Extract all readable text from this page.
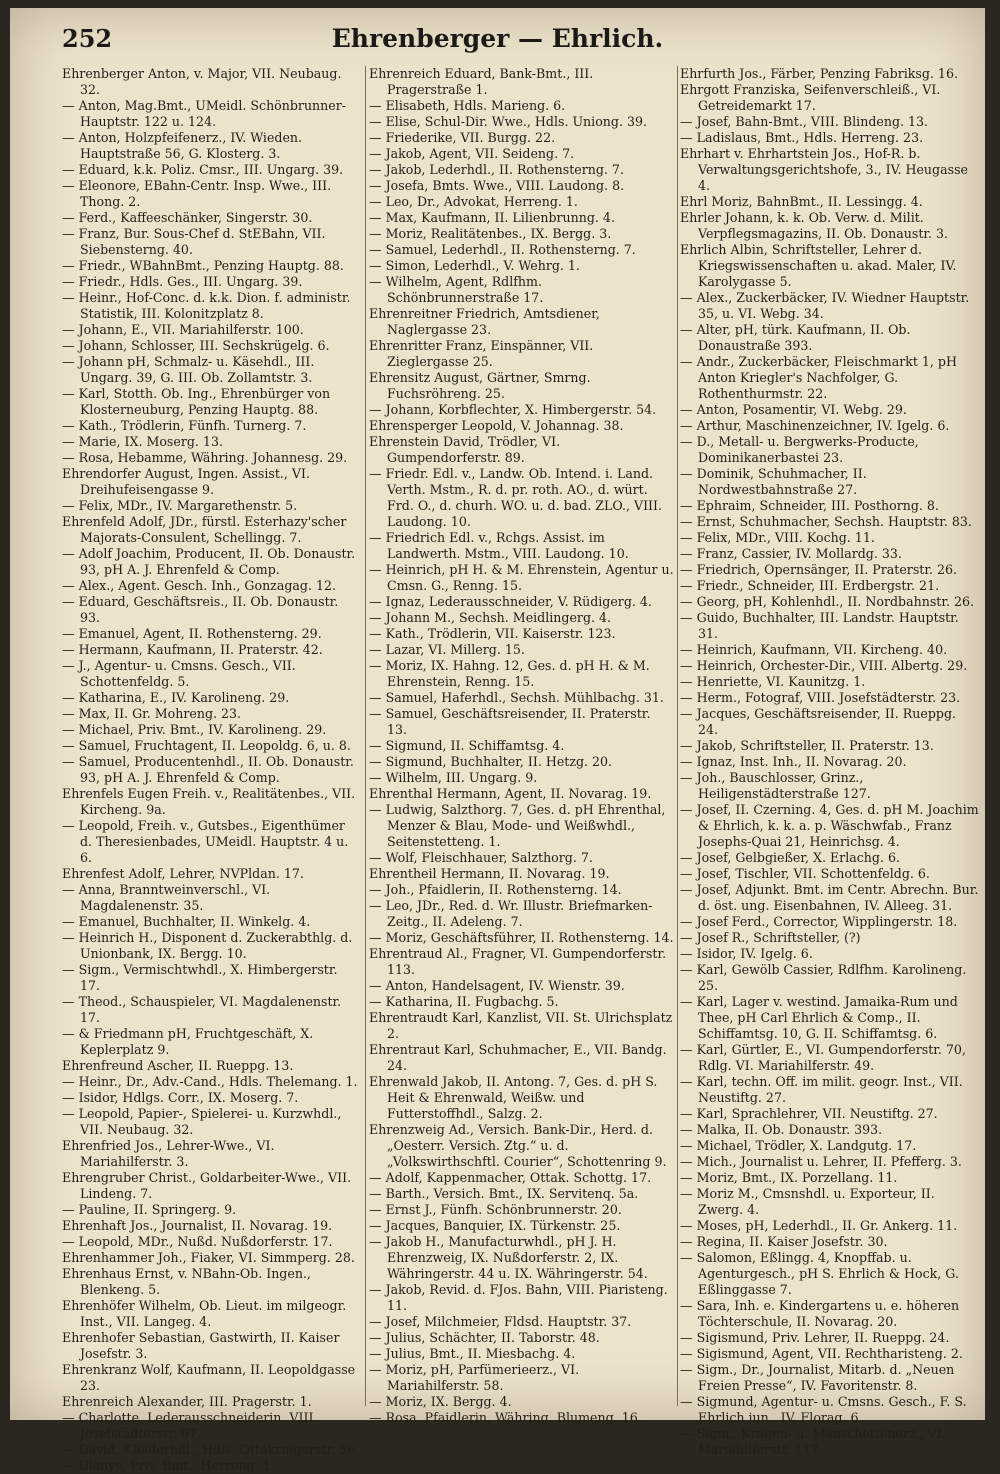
252	Ehrenberger — Ehrlich.

Ehrenberger Anton, v. Major, VII. Neubaug. 32.

— Anton, Mag.Bmt., UMeidl. Schönbrunner-Hauptstr. 122 u. 124.

— Anton, Holzpfeifenerz., IV. Wieden. Hauptstraße 56, G. Klosterg. 3.

— Eduard, k.k. Poliz. Cmsr., III. Ungarg. 39.

— Eleonore, EBahn-Centr. Insp. Wwe., III. Thong. 2.

— Ferd., Kaffeeschänker, Singerstr. 30.

— Franz, Bur. Sous-Chef d. StEBahn, VII. Siebensterng. 40.

— Friedr., WBahnBmt., Penzing Hauptg. 88.

— Friedr., Hdls. Ges., III. Ungarg. 39.

— Heinr., Hof-Conc. d. k.k. Dion. f. administr. Statistik, III. Kolonitzplatz 8.

— Johann, E., VII. Mariahilferstr. 100.

— Johann, Schlosser, III. Sechskrügelg. 6.

— Johann pH, Schmalz- u. Käsehdl., III. Ungarg. 39, G. III. Ob. Zollamtstr. 3.

— Karl, Stotth. Ob. Ing., Ehrenbürger von Klosterneuburg, Penzing Hauptg. 88.

— Kath., Trödlerin, Fünfh. Turnerg. 7.

— Marie, IX. Moserg. 13.

— Rosa, Hebamme, Währing. Johannesg. 29.

Ehrendorfer August, Ingen. Assist., VI. Dreihufeisengasse 9.

— Felix, MDr., IV. Margarethenstr. 5.

Ehrenfeld Adolf, JDr., fürstl. Esterhazy'scher Majorats-Consulent, Schellingg. 7.

— Adolf Joachim, Producent, II. Ob. Donaustr. 93, pH A. J. Ehrenfeld & Comp.

— Alex., Agent. Gesch. Inh., Gonzagag. 12.

— Eduard, Geschäftsreis., II. Ob. Donaustr. 93.

— Emanuel, Agent, II. Rothensterng. 29.

— Hermann, Kaufmann, II. Praterstr. 42.

— J., Agentur- u. Cmsns. Gesch., VII. Schottenfeldg. 5.

— Katharina, E., IV. Karolineng. 29.

— Max, II. Gr. Mohreng. 23.

— Michael, Priv. Bmt., IV. Karolineng. 29.

— Samuel, Fruchtagent, II. Leopoldg. 6, u. 8.

— Samuel, Producentenhdl., II. Ob. Donaustr. 93, pH A. J. Ehrenfeld & Comp.

Ehrenfels Eugen Freih. v., Realitätenbes., VII. Kircheng. 9a.

— Leopold, Freih. v., Gutsbes., Eigenthümer d. Theresienbades, UMeidl. Hauptstr. 4 u. 6.

Ehrenfest Adolf, Lehrer, NVPldan. 17.

— Anna, Branntweinverschl., VI. Magdalenenstr. 35.

— Emanuel, Buchhalter, II. Winkelg. 4.

— Heinrich H., Disponent d. Zuckerabthlg. d. Unionbank, IX. Bergg. 10.

— Sigm., Vermischtwhdl., X. Himbergerstr. 17.

— Theod., Schauspieler, VI. Magdalenenstr. 17.

— & Friedmann pH, Fruchtgeschäft, X. Keplerplatz 9.

Ehrenfreund Ascher, II. Rueppg. 13.

— Heinr., Dr., Adv.-Cand., Hdls. Thelemang. 1.

— Isidor, Hdlgs. Corr., IX. Moserg. 7.

— Leopold, Papier-, Spielerei- u. Kurzwhdl., VII. Neubaug. 32.

Ehrenfried Jos., Lehrer-Wwe., VI. Mariahilferstr. 3.

Ehrengruber Christ., Goldarbeiter-Wwe., VII. Lindeng. 7.

— Pauline, II. Springerg. 9.

Ehrenhaft Jos., Journalist, II. Novarag. 19.

— Leopold, MDr., Nußd. Nußdorferstr. 17.

Ehrenhammer Joh., Fiaker, VI. Simmperg. 28.

Ehrenhaus Ernst, v. NBahn-Ob. Ingen., Blenkeng. 5.

Ehrenhöfer Wilhelm, Ob. Lieut. im milgeogr. Inst., VII. Langeg. 4.

Ehrenhofer Sebastian, Gastwirth, II. Kaiser Josefstr. 3.

Ehrenkranz Wolf, Kaufmann, II. Leopoldgasse 23.

Ehrenreich Alexander, III. Pragerstr. 1.

— Charlotte, Lederausschneiderin, VIII. Josefstädterstr. 67.

— David, Kleiderhdl., Hdls. Ottakringerstr. 56.

— Dionys, Priv. Bmt., Herreng. 1.

Ehrenreich Eduard, Bank-Bmt., III. Pragerstraße 1.

— Elisabeth, Hdls. Marieng. 6.

— Elise, Schul-Dir. Wwe., Hdls. Uniong. 39.

— Friederike, VII. Burgg. 22.

— Jakob, Agent, VII. Seideng. 7.

— Jakob, Lederhdl., II. Rothensterng. 7.

— Josefa, Bmts. Wwe., VIII. Laudong. 8.

— Leo, Dr., Advokat, Herreng. 1.

— Max, Kaufmann, II. Lilienbrunng. 4.

— Moriz, Realitätenbes., IX. Bergg. 3.

— Samuel, Lederhdl., II. Rothensterng. 7.

— Simon, Lederhdl., V. Wehrg. 1.

— Wilhelm, Agent, Rdlfhm. Schönbrunnerstraße 17.

Ehrenreitner Friedrich, Amtsdiener, Naglergasse 23.

Ehrenritter Franz, Einspänner, VII. Zieglergasse 25.

Ehrensitz August, Gärtner, Smrng. Fuchsröhreng. 25.

— Johann, Korbflechter, X. Himbergerstr. 54.

Ehrensperger Leopold, V. Johannag. 38.

Ehrenstein David, Trödler, VI. Gumpendorferstr. 89.

— Friedr. Edl. v., Landw. Ob. Intend. i. Land. Verth. Mstm., R. d. pr. roth. AO., d. würt. Frd. O., d. churh. WO. u. d. bad. ZLO., VIII. Laudong. 10.

— Friedrich Edl. v., Rchgs. Assist. im Landwerth. Mstm., VIII. Laudong. 10.

— Heinrich, pH H. & M. Ehrenstein, Agentur u. Cmsn. G., Renng. 15.

— Ignaz, Lederausschneider, V. Rüdigerg. 4.

— Johann M., Sechsh. Meidlingerg. 4.

— Kath., Trödlerin, VII. Kaiserstr. 123.

— Lazar, VI. Millerg. 15.

— Moriz, IX. Hahng. 12, Ges. d. pH H. & M. Ehrenstein, Renng. 15.

— Samuel, Haferhdl., Sechsh. Mühlbachg. 31.

— Samuel, Geschäftsreisender, II. Praterstr. 13.

— Sigmund, II. Schiffamtsg. 4.

— Sigmund, Buchhalter, II. Hetzg. 20.

— Wilhelm, III. Ungarg. 9.

Ehrenthal Hermann, Agent, II. Novarag. 19.

— Ludwig, Salzthorg. 7, Ges. d. pH Ehrenthal, Menzer & Blau, Mode- und Weißwhdl., Seitenstetteng. 1.

— Wolf, Fleischhauer, Salzthorg. 7.

Ehrentheil Hermann, II. Novarag. 19.

— Joh., Pfaidlerin, II. Rothensterng. 14.

— Leo, JDr., Red. d. Wr. Illustr. Briefmarken-Zeitg., II. Adeleng. 7.

— Moriz, Geschäftsführer, II. Rothensterng. 14.

Ehrentraud Al., Fragner, VI. Gumpendorferstr. 113.

— Anton, Handelsagent, IV. Wienstr. 39.

— Katharina, II. Fugbachg. 5.

Ehrentraudt Karl, Kanzlist, VII. St. Ulrichsplatz 2.

Ehrentraut Karl, Schuhmacher, E., VII. Bandg. 24.

Ehrenwald Jakob, II. Antong. 7, Ges. d. pH S. Heit & Ehrenwald, Weißw. und Futterstoffhdl., Salzg. 2.

Ehrenzweig Ad., Versich. Bank-Dir., Herd. d. „Oesterr. Versich. Ztg.“ u. d. „Volkswirthschftl. Courier“, Schottenring 9.

— Adolf, Kappenmacher, Ottak. Schottg. 17.

— Barth., Versich. Bmt., IX. Servitenq. 5a.

— Ernst J., Fünfh. Schönbrunnerstr. 20.

— Jacques, Banquier, IX. Türkenstr. 25.

— Jakob H., Manufacturwhdl., pH J. H. Ehrenzweig, IX. Nußdorferstr. 2, IX. Währingerstr. 44 u. IX. Währingerstr. 54.

— Jakob, Revid. d. FJos. Bahn, VIII. Piaristeng. 11.

— Josef, Milchmeier, Fldsd. Hauptstr. 37.

— Julius, Schächter, II. Taborstr. 48.

— Julius, Bmt., II. Miesbachg. 4.

— Moriz, pH, Parfümerieerz., VI. Mariahilferstr. 58.

— Moriz, IX. Bergg. 4.

— Rosa, Pfaidlerin, Währing. Blumeng. 16.

Ehrfurth Jos., Färber, Penzing Fabriksg. 16.

Ehrgott Franziska, Seifenverschleiß., VI. Getreidemarkt 17.

— Josef, Bahn-Bmt., VIII. Blindeng. 13.

— Ladislaus, Bmt., Hdls. Herreng. 23.

Ehrhart v. Ehrhartstein Jos., Hof-R. b. Verwaltungsgerichtshofe, 3., IV. Heugasse 4.

Ehrl Moriz, BahnBmt., II. Lessingg. 4.

Ehrler Johann, k. k. Ob. Verw. d. Milit. Verpflegsmagazins, II. Ob. Donaustr. 3.

Ehrlich Albin, Schriftsteller, Lehrer d. Kriegswissenschaften u. akad. Maler, IV. Karolygasse 5.

— Alex., Zuckerbäcker, IV. Wiedner Hauptstr. 35, u. VI. Webg. 34.

— Alter, pH, türk. Kaufmann, II. Ob. Donaustraße 393.

— Andr., Zuckerbäcker, Fleischmarkt 1, pH Anton Kriegler's Nachfolger, G. Rothenthurmstr. 22.

— Anton, Posamentir, VI. Webg. 29.

— Arthur, Maschinenzeichner, IV. Igelg. 6.

— D., Metall- u. Bergwerks-Producte, Dominikanerbastei 23.

— Dominik, Schuhmacher, II. Nordwestbahnstraße 27.

— Ephraim, Schneider, III. Posthorng. 8.

— Ernst, Schuhmacher, Sechsh. Hauptstr. 83.

— Felix, MDr., VIII. Kochg. 11.

— Franz, Cassier, IV. Mollardg. 33.

— Friedrich, Opernsänger, II. Praterstr. 26.

— Friedr., Schneider, III. Erdbergstr. 21.

— Georg, pH, Kohlenhdl., II. Nordbahnstr. 26.

— Guido, Buchhalter, III. Landstr. Hauptstr. 31.

— Heinrich, Kaufmann, VII. Kircheng. 40.

— Heinrich, Orchester-Dir., VIII. Albertg. 29.

— Henriette, VI. Kaunitzg. 1.

— Herm., Fotograf, VIII. Josefstädterstr. 23.

— Jacques, Geschäftsreisender, II. Rueppg. 24.

— Jakob, Schriftsteller, II. Praterstr. 13.

— Ignaz, Inst. Inh., II. Novarag. 20.

— Joh., Bauschlosser, Grinz., Heiligenstädterstraße 127.

— Josef, II. Czerning. 4, Ges. d. pH M. Joachim & Ehrlich, k. k. a. p. Wäschwfab., Franz Josephs-Quai 21, Heinrichsg. 4.

— Josef, Gelbgießer, X. Erlachg. 6.

— Josef, Tischler, VII. Schottenfeldg. 6.

— Josef, Adjunkt. Bmt. im Centr. Abrechn. Bur. d. öst. ung. Eisenbahnen, IV. Alleeg. 31.

— Josef Ferd., Corrector, Wipplingerstr. 18.

— Josef R., Schriftsteller, (?)

— Isidor, IV. Igelg. 6.

— Karl, Gewölb Cassier, Rdlfhm. Karolineng. 25.

— Karl, Lager v. westind. Jamaika-Rum und Thee, pH Carl Ehrlich & Comp., II. Schiffamtsg. 10, G. II. Schiffamtsg. 6.

— Karl, Gürtler, E., VI. Gumpendorferstr. 70, Rdlg. VI. Mariahilferstr. 49.

— Karl, techn. Off. im milit. geogr. Inst., VII. Neustiftg. 27.

— Karl, Sprachlehrer, VII. Neustiftg. 27.

— Malka, II. Ob. Donaustr. 393.

— Michael, Trödler, X. Landgutg. 17.

— Mich., Journalist u. Lehrer, II. Pfefferg. 3.

— Moriz, Bmt., IX. Porzellang. 11.

— Moriz M., Cmsnshdl. u. Exporteur, II. Zwerg. 4.

— Moses, pH, Lederhdl., II. Gr. Ankerg. 11.

— Regina, II. Kaiser Josefstr. 30.

— Salomon, Eßlingg. 4, Knopffab. u. Agenturgesch., pH S. Ehrlich & Hock, G. Eßlinggasse 7.

— Sara, Inh. e. Kindergartens u. e. höheren Töchterschule, II. Novarag. 20.

— Sigismund, Priv. Lehrer, II. Rueppg. 24.

— Sigismund, Agent, VII. Rechtharisteng. 2.

— Sigm., Dr., Journalist, Mitarb. d. „Neuen Freien Presse“, IV. Favoritenstr. 8.

— Sigmund, Agentur- u. Cmsns. Gesch., F. S. Ehrlich jun., IV. Florag. 6.

— Sigm., Kragen- u. Manschettenerz., VI. Mariahilferstr. 117.
